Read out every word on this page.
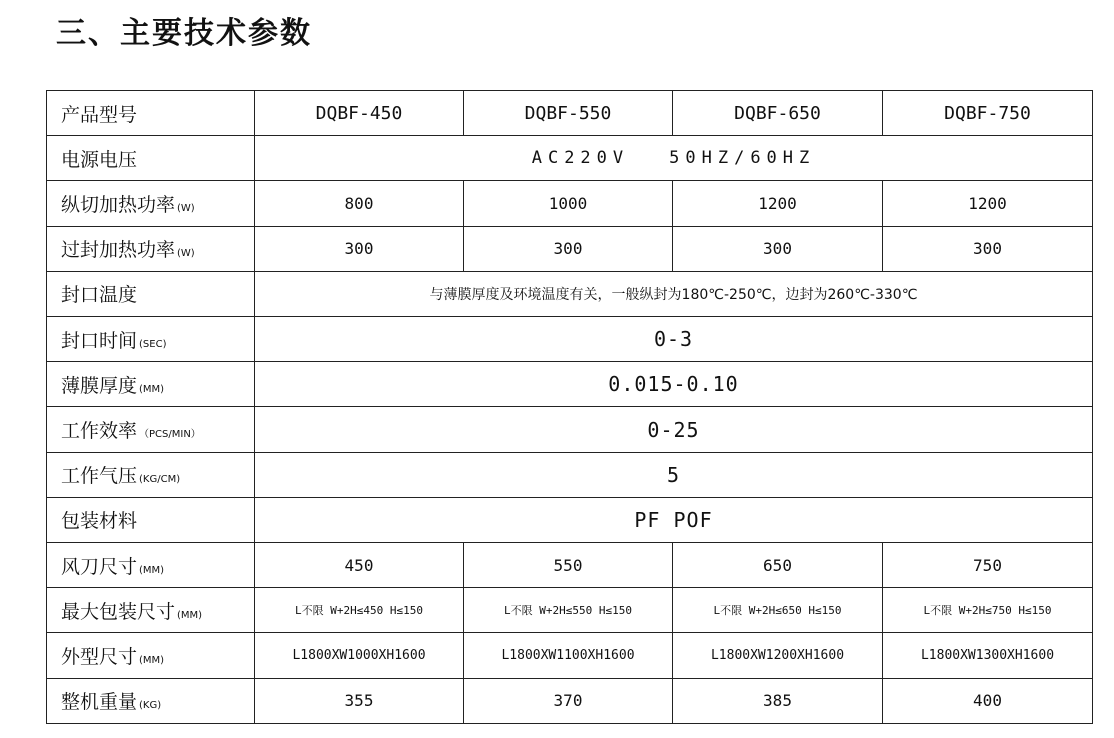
三、主要技术参数
产品型号	DQBF-450	DQBF-550	DQBF-650	DQBF-750
电源电压	AC220V 50HZ/60HZ			
纵切加热功率 (W)	800	1000	1200	1200
过封加热功率 (W)	300	300	300	300
封口温度	与薄膜厚度及环境温度有关，一般纵封为180℃-250℃，边封为260℃-330℃			
封口时间 (SEC)	0-3			
薄膜厚度 (MM)	0.015-0.10			
工作效率 （PCS/MIN）	0-25			
工作气压 (KG/CM)	5			
包装材料	PF POF			
风刀尺寸 (MM)	450	550	650	750
最大包装尺寸 (MM)	L不限 W+2H≤450 H≤150	L不限 W+2H≤550 H≤150	L不限 W+2H≤650 H≤150	L不限 W+2H≤750 H≤150
外型尺寸 (MM)	L1800XW1000XH1600	L1800XW1100XH1600	L1800XW1200XH1600	L1800XW1300XH1600
整机重量 (KG)	355	370	385	400
